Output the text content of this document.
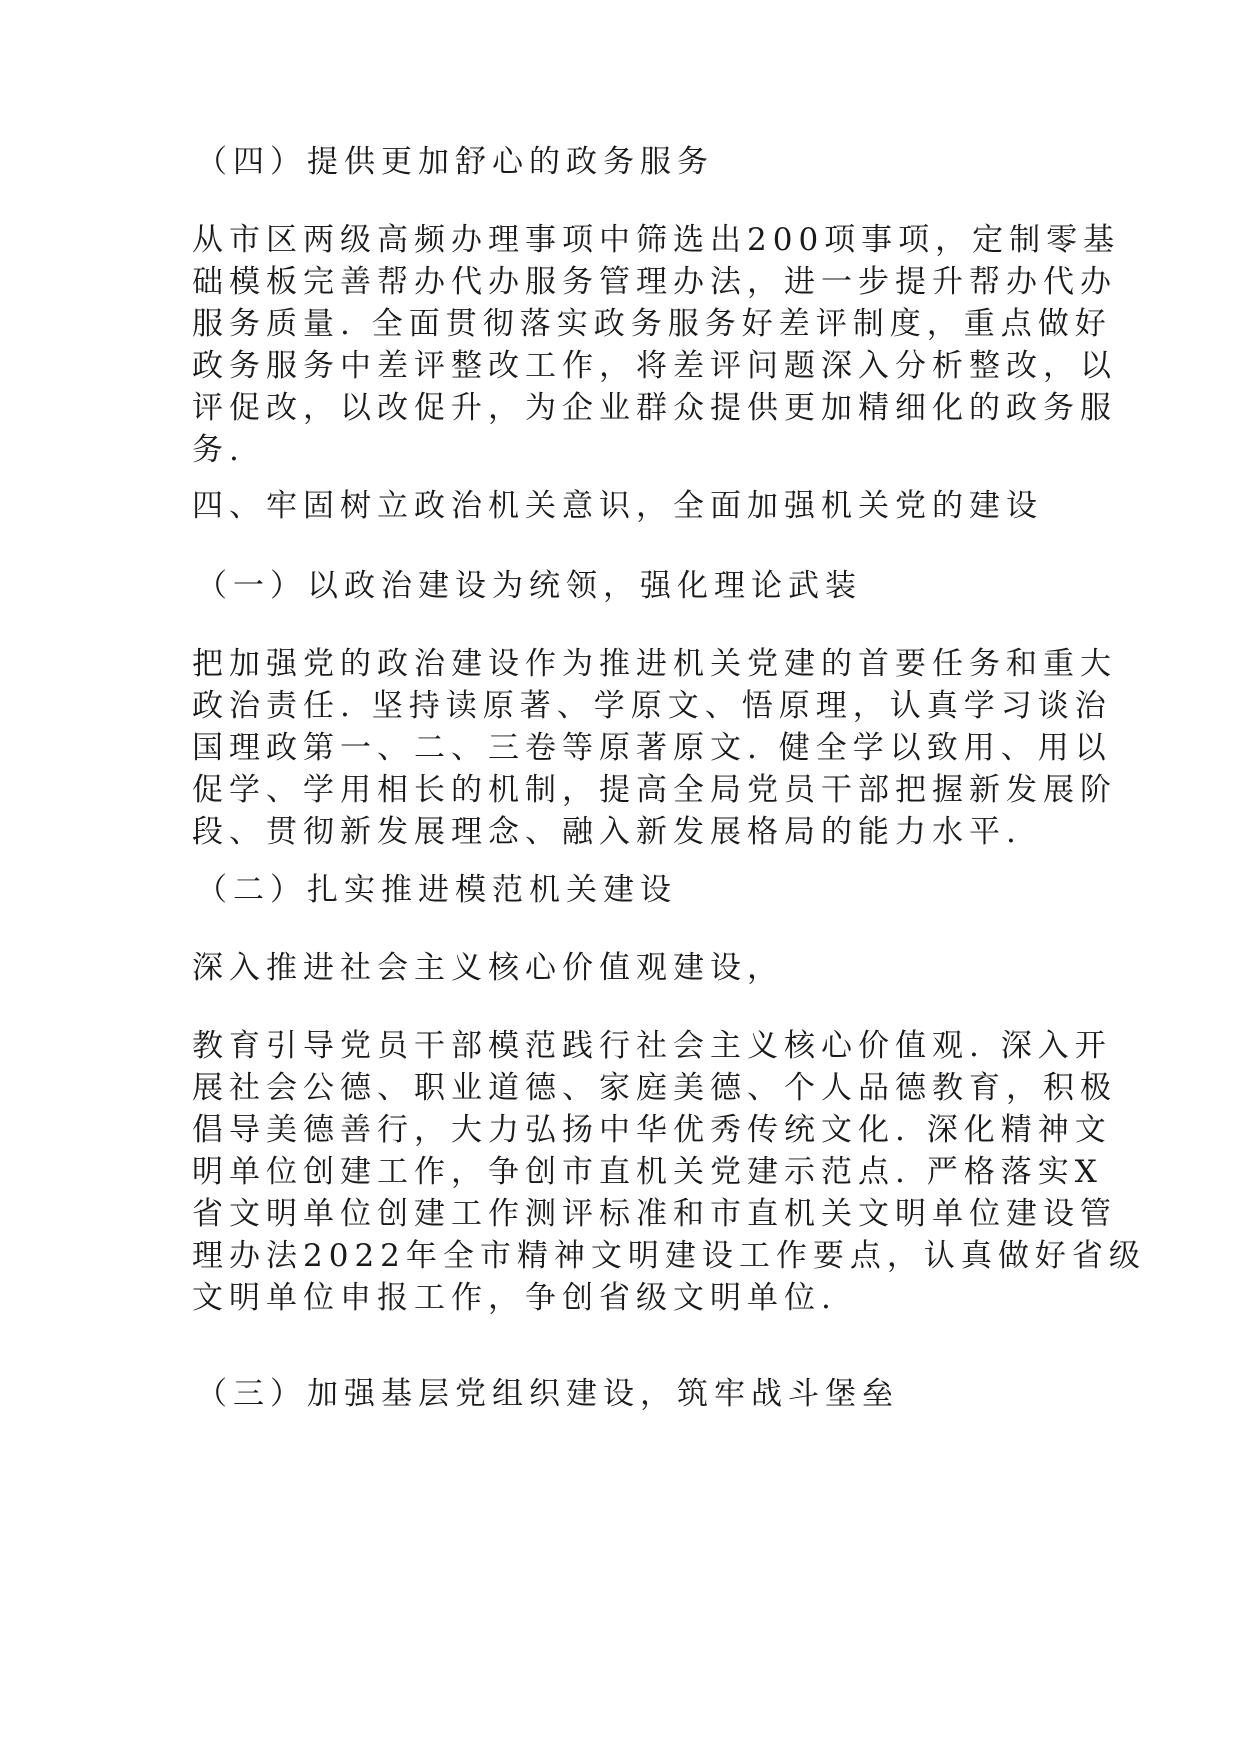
（四）提供更加舒心的政务服务
从市区两级高频办理事项中筛选出200项事项，定制零基
础模板完善帮办代办服务管理办法，进一步提升帮办代办
服务质量. 全面贯彻落实政务服务好差评制度，重点做好
政务服务中差评整改工作，将差评问题深入分析整改，以
评促改，以改促升，为企业群众提供更加精细化的政务服
务.
四、牢固树立政治机关意识，全面加强机关党的建设
（一）以政治建设为统领，强化理论武装
把加强党的政治建设作为推进机关党建的首要任务和重大
政治责任. 坚持读原著、学原文、悟原理，认真学习谈治
国理政第一、二、三卷等原著原文. 健全学以致用、用以
促学、学用相长的机制，提高全局党员干部把握新发展阶
段、贯彻新发展理念、融入新发展格局的能力水平.
（二）扎实推进模范机关建设
深入推进社会主义核心价值观建设，
教育引导党员干部模范践行社会主义核心价值观. 深入开
展社会公德、职业道德、家庭美德、个人品德教育，积极
倡导美德善行，大力弘扬中华优秀传统文化. 深化精神文
明单位创建工作，争创市直机关党建示范点. 严格落实X
省文明单位创建工作测评标准和市直机关文明单位建设管
理办法2022年全市精神文明建设工作要点，认真做好省级
文明单位申报工作，争创省级文明单位.
（三）加强基层党组织建设，筑牢战斗堡垒
